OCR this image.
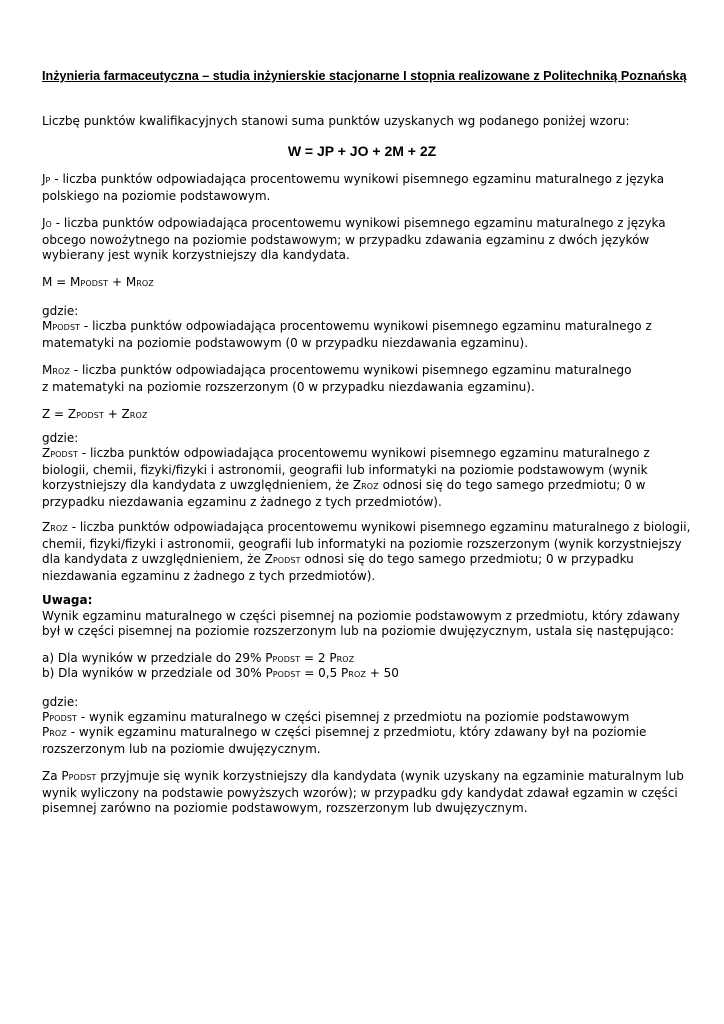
Inżynieria farmaceutyczna – studia inżynierskie stacjonarne I stopnia realizowane z Politechniką Poznańską
Liczbę punktów kwalifikacyjnych stanowi suma punktów uzyskanych wg podanego poniżej wzoru:
W = JP + JO + 2M + 2Z
JP - liczba punktów odpowiadająca procentowemu wynikowi pisemnego egzaminu maturalnego z języka polskiego na poziomie podstawowym.
JO - liczba punktów odpowiadająca procentowemu wynikowi pisemnego egzaminu maturalnego z języka obcego nowożytnego na poziomie podstawowym; w przypadku zdawania egzaminu z dwóch języków wybierany jest wynik korzystniejszy dla kandydata.
M = MPODST + MROZ
gdzie:
MPODST - liczba punktów odpowiadająca procentowemu wynikowi pisemnego egzaminu maturalnego z matematyki na poziomie podstawowym (0 w przypadku niezdawania egzaminu).
MROZ - liczba punktów odpowiadająca procentowemu wynikowi pisemnego egzaminu maturalnego
z matematyki na poziomie rozszerzonym (0 w przypadku niezdawania egzaminu).
Z = ZPODST + ZROZ
gdzie:
ZPODST - liczba punktów odpowiadająca procentowemu wynikowi pisemnego egzaminu maturalnego z biologii, chemii, fizyki/fizyki i astronomii, geografii lub informatyki na poziomie podstawowym (wynik korzystniejszy dla kandydata z uwzględnieniem, że ZROZ odnosi się do tego samego przedmiotu; 0 w przypadku niezdawania egzaminu z żadnego z tych przedmiotów).
ZROZ - liczba punktów odpowiadająca procentowemu wynikowi pisemnego egzaminu maturalnego z biologii, chemii, fizyki/fizyki i astronomii, geografii lub informatyki na poziomie rozszerzonym (wynik korzystniejszy dla kandydata z uwzględnieniem, że ZPODST odnosi się do tego samego przedmiotu; 0 w przypadku niezdawania egzaminu z żadnego z tych przedmiotów).
Uwaga:
Wynik egzaminu maturalnego w części pisemnej na poziomie podstawowym z przedmiotu, który zdawany był w części pisemnej na poziomie rozszerzonym lub na poziomie dwujęzycznym, ustala się następująco:
a) Dla wyników w przedziale do 29% PPODST = 2 PROZ
b) Dla wyników w przedziale od 30% PPODST = 0,5 PROZ + 50
gdzie:
PPODST - wynik egzaminu maturalnego w części pisemnej z przedmiotu na poziomie podstawowym
PROZ - wynik egzaminu maturalnego w części pisemnej z przedmiotu, który zdawany był na poziomie rozszerzonym lub na poziomie dwujęzycznym.
Za PPODST przyjmuje się wynik korzystniejszy dla kandydata (wynik uzyskany na egzaminie maturalnym lub wynik wyliczony na podstawie powyższych wzorów); w przypadku gdy kandydat zdawał egzamin w części pisemnej zarówno na poziomie podstawowym, rozszerzonym lub dwujęzycznym.
